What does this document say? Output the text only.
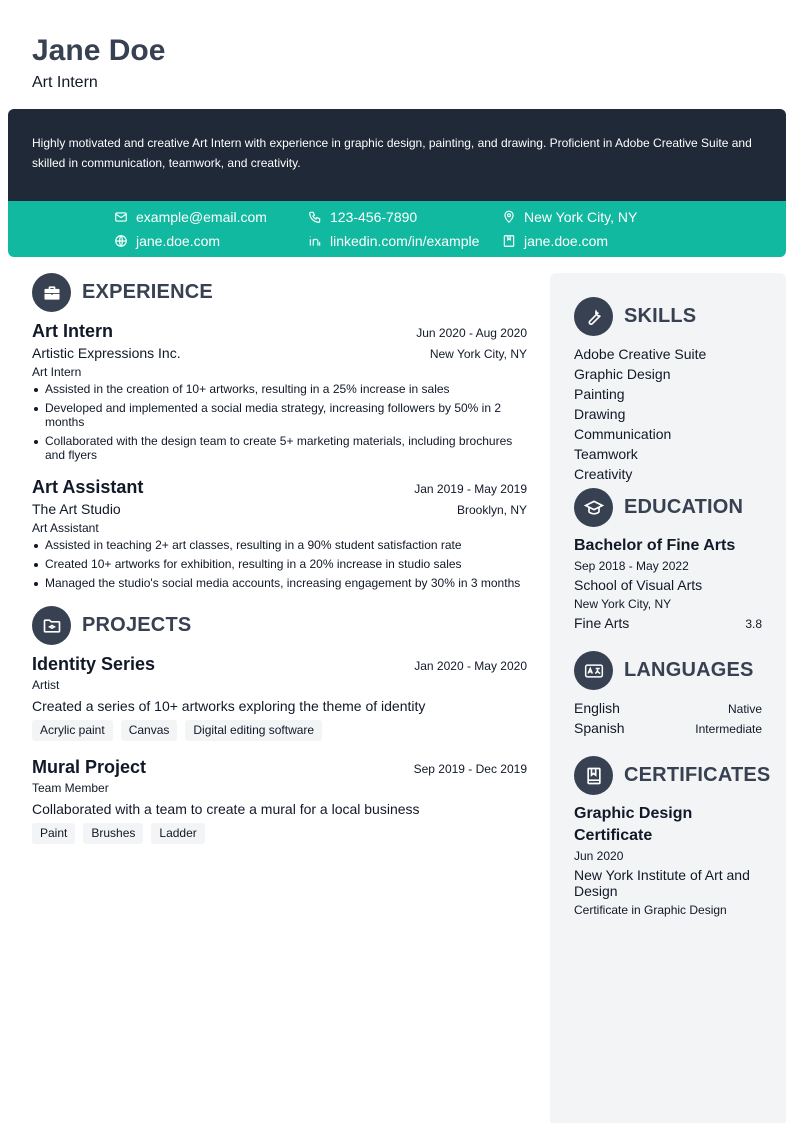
Jane Doe
Art Intern

Highly motivated and creative Art Intern with experience in graphic design, painting, and drawing. Proficient in Adobe Creative Suite and skilled in communication, teamwork, and creativity.

example@email.com	123-456-7890	New York City, NY
jane.doe.com	linkedin.com/in/example	jane.doe.com
EXPERIENCE
Art Intern	Jun 2020 - Aug 2020
Artistic Expressions Inc.	New York City, NY
Art Intern
Assisted in the creation of 10+ artworks, resulting in a 25% increase in sales
Developed and implemented a social media strategy, increasing followers by 50% in 2 months
Collaborated with the design team to create 5+ marketing materials, including brochures and flyers
Art Assistant	Jan 2019 - May 2019
The Art Studio	Brooklyn, NY
Art Assistant
Assisted in teaching 2+ art classes, resulting in a 90% student satisfaction rate
Created 10+ artworks for exhibition, resulting in a 20% increase in studio sales
Managed the studio's social media accounts, increasing engagement by 30% in 3 months
PROJECTS
Identity Series	Jan 2020 - May 2020
Artist
Created a series of 10+ artworks exploring the theme of identity
Acrylic paint	Canvas	Digital editing software
Mural Project	Sep 2019 - Dec 2019
Team Member
Collaborated with a team to create a mural for a local business
Paint	Brushes	Ladder
SKILLS
Adobe Creative Suite
Graphic Design
Painting
Drawing
Communication
Teamwork
Creativity
EDUCATION
Bachelor of Fine Arts
Sep 2018 - May 2022
School of Visual Arts
New York City, NY
Fine Arts	3.8
LANGUAGES
English	Native
Spanish	Intermediate
CERTIFICATES
Graphic Design Certificate
Jun 2020
New York Institute of Art and Design
Certificate in Graphic Design
